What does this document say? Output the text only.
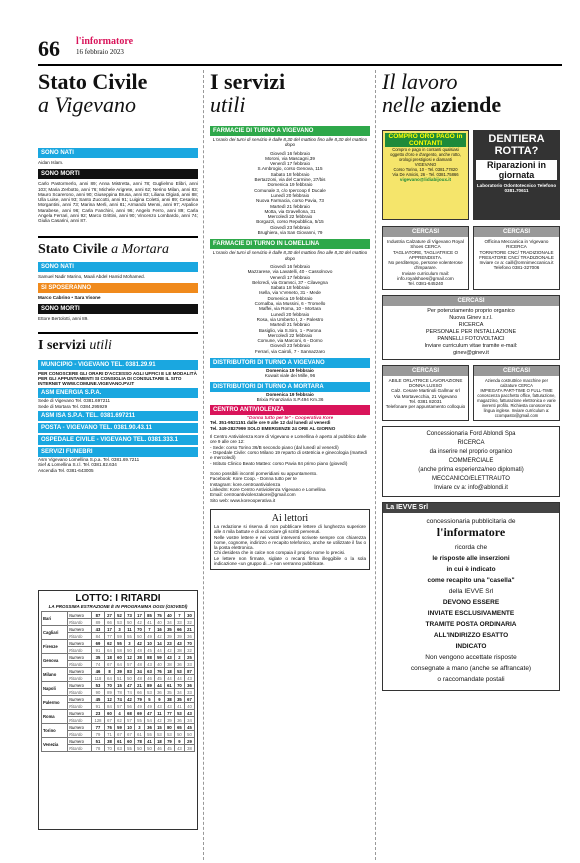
66 l'informatore
16 febbraio 2023
Stato Civile
a Vigevano
SONO NATI
Aidan Islam.
SONO MORTI
Carlo Pastormerlo, anni 89; Anna Mistretta, anni 78; Guglielmo Elibri, anni 103; Maria Zerbotto, anni 76; Michele Arigrete, anni 62; Nerino Milan, anni 83; Mauro Scarerono, anni 90; Giuseppina Brusa, anni 83; Liliana Olgiati, anni 88; Ulla Luise, anni 93; Santo Zuccotti, anni 91; Luigina Coletti, anni 89; Cesarina Morgantini, anni 73; Marina Merli, anni 81; Armando Menni, anni 97; Arpalice Marabese, anni 96; Carla Fanchini, anni 96; Angelo Ferro, anni 89; Carla Angela Ferrari, anni 92; Marco Grittini, anni 90; Vincenzo Lombardo, anni 74; Giulia Casarini, anni 87.
Stato Civile a Mortara
SONO NATI
Samuel Nadir Marino, Maali Abdel Hamid Mohamed.
SI SPOSERANNO
Marco Cabrino • Sara Visone
SONO MORTI
Ettore Bertolotti, anni 89.
I servizi utili
MUNICIPIO - VIGEVANO TEL. 0381.29.91
PER CONOSCERE GLI ORARI D'ACCESSO AGLI UFFICI E LE MODALITÀ PER GLI APPUNTAMENTI SI CONSIGLIA DI CONSULTARE IL SITO INTERNET WWW.COMUNE.VIGEVANO.PV.IT
ASM ENERGIA S.P.A.
Sede di Vigevano Tel. 0381.697211
Sede di Mortara Tel. 0384.295929
ASM ISA S.P.A. TEL. 0381.697211
POSTA - VIGEVANO TEL. 0381.90.43.11
OSPEDALE CIVILE - VIGEVANO TEL. 0381.333.1
SERVIZI FUNEBRI
Asm Vigevano Lomellina S.p.a. Tel. 0381.69.7211
Sief & Lomellina S.r.l. Tel. 0381.82.634
Ascendia Tel. 0381-643005
LOTTO: I RITARDI
LA PROSSIMA ESTRAZIONE È IN PROGRAMMA OGGI (GIOVEDÌ)
Bari	Numero	87	27	52	73	17	85	75	40	7	30
	Ritardo	89	66	53	50	42	41	40	34	33	32
Cagliari	Numero	43	17	3	11	70	7	16	35	66	21
	Ritardo	84	77	59	55	50	49	42	39	39	36
Firenze	Numero	69	62	55	3	42	10	14	23	43	70
	Ritardo	91	64	58	50	48	45	44	42	38	32
Genova	Numero	35	18	60	12	38	88	59	43	2	25
	Ritardo	74	67	64	57	48	43	40	38	36	33
Milano	Numero	46	8	39	83	34	63	76	18	53	87
	Ritardo	118	64	51	50	48	46	45	44	44	43
Napoli	Numero	53	70	15	47	21	89	44	61	70	36
	Ritardo	90	89	78	74	66	53	36	35	34	33
Palermo	Numero	45	12	74	42	79	5	9	38	35	67
	Ritardo	91	84	57	56	49	49	43	43	41	40
Roma	Numero	23	60	4	68	69	47	11	77	53	43
	Ritardo	128	67	62	57	55	54	42	39	36	34
Torino	Numero	77	76	59	10	3	36	15	80	65	45
	Ritardo	79	71	67	67	61	55	53	53	50	50
Venezia	Numero	51	38	61	60	78	41	18	79	9	29
	Ritardo	78	70	63	55	50	50	46	45	43	38
I servizi
utili
FARMACIE DI TURNO A VIGEVANO
L'orario dei turni di servizio è dalle 8,30 del mattino fino alle 8,30 del mattino dopo
Giovedì 16 febbraio
Moroni, via Mascagni,39
Venerdì 17 febbraio
S.Ambrogio, corso Genova, 115
Sabato 18 febbraio
Bertazzoni, via del Carmine, 27/bis
Domenica 19 febbraio
Comunale 3, c/o Ipercoop Il Ducale
Lunedì 20 febbraio
Nuova Farmacia, corso Pavia, 73
Martedì 21 febbraio
Motta, via Gravellona, 31
Mercoledì 22 febbraio
Borgazzi, corso Repubblica, 5/15
Giovedì 23 febbraio
Brughiera, via San Giovanni, 79
FARMACIE DI TURNO IN LOMELLINA
L'orario dei turni di servizio è dalle 8,30 del mattino fino alle 8,30 del mattino dopo
Giovedì 16 febbraio
Mazzarese, via Lavatelli, 40 - Cassolnovo
Venerdì 17 febbraio
Belcredi, via Gramsci, 37 - Cilavegna
Sabato 18 febbraio
Isella, via V.Veneto, 31 - Mede
Domenica 19 febbraio
Cornalba, via Mussini, 6 - Tromello
Maffei, via Roma, 10 - Mortara
Lunedì 20 febbraio
Rosa, via Umberto I, 2 - Palestro
Martedì 21 febbraio
Basiglio, via S.Siro, 1 - Parona
Mercoledì 22 febbraio
Comune, via Marconi, 6 - Dorno
Giovedì 23 febbraio
Ferrari, via Cairoli, 7 - Sannazzaro
DISTRIBUTORI DI TURNO A VIGEVANO
Domenica 19 febbraio
Kuwait viale dei Mille, 96
DISTRIBUTORI DI TURNO A MORTARA
Domenica 19 febbraio
Brixia Finanziaria S.P.494 Km.36
CENTRO ANTIVIOLENZA
"Donna tutto per te" - Cooperativa Kore
Tel. 351-9521151 dalle ore 9 alle 12 dal lunedì al venerdì
Tel. 349-2827999 SOLO EMERGENZE 24 ORE AL GIORNO
Il Centro Antiviolenza Kore di Vigevano e Lomellina è aperto al pubblico dalle ore 9 alle ore 12:
- Sede: corso Torino 36/B secondo piano (dal lunedì al venerdì)
- Ospedale Civile: corso Milano 19 reparto di ostetricia e ginecologia (martedì e mercoledì)
- Istituto Clinico Beato Matteo: corso Pavia 84 primo piano (giovedì)

Sono possibili incontri pomeridiani su appuntamento.
Facebook: Kore Coop. - Donna tutto per te
Instagram: kore.centroantiviolenza
LinkedIn: Kore Centro Antiviolenza Vigevano e Lomellina
Email: centroantiviolenzakore@gmail.com
Sito web: www.koreooperativa.it
Ai lettori
La redazione si riserva di non pubblicare lettere di lunghezza superiore alle 4 mila battute e di accorciare gli scritti pervenuti.
Nelle vostre lettere e nei vostri interventi scrivete sempre con chiarezza nome, cognome, indirizzo e recapito telefonico, anche se utilizzate il fax o la posta elettronica.
Chi desidera che in calce non compaia il proprio nome lo precisi.
Le lettere non firmate, siglate o recanti firma illeggibile o la sola indicazione «un gruppo di...» non verranno pubblicate.
Il lavoro
nelle aziende
COMPRO ORO PAGO in CONTANTI
Compro e pago in contanti qualsiasi oggetto d'oro e d'argento, anche rotto, orologi prestigiosi e diamanti
VIGEVANO
Corso Torino, 10 - Tel. 0381.77820
Via De Amicis, 26 - Tel. 0381.75866
vigevano@lidiabijoux.it
DENTIERA ROTTA?
Riparazioni in giornata
Laboratorio Odontotecnico Telefono 0381.70611
CERCASI
Industria Calzature di Vigevano Royal Shoes CERCA
TAGLIATORE, TAGLIATRICE O APPRENDISTA.
No perditempo, persone volenterose d'imparare.
Inviare curriculum mail:
info.royalshoes@gmail.com
Tel. 0381-645240
CERCASI
Officina Meccanica in Vigevano
RICERCA
TORNITORE CNC/ TRADIZIONALE
FRESATORE CNC/ TRADIZIONALE
Inviare cv a: caill@omnimeccanica.it
Telefono 0381-327006
CERCASI
Per potenziamento proprio organico
Nuova Ginev s.r.l.
RICERCA
PERSONALE PER INSTALLAZIONE
PANNELLI FOTOVOLTAICI
Inviare curriculum vitae tramite e-mail:
ginev@ginev.it
CERCASI
ABILE ORLATRICE LAVORAZIONE DONNA LUSSO
Calz. Cesare Martinoli Gallmar srl
Via Mortavecchia, 21 Vigevano
Tel. 0381 82031
Telefonare per appuntamento colloquio
CERCASI
Azienda costruttrice macchine per calzature CERCA
IMPIEGATA PART-TIME O FULL-TIME
conoscenza pacchetto office, fatturazione, magazzino, fatturazione elettronica e varie inerenti profilo. Richiesta conoscenza lingua inglese. Inviare curriculum a: ccompasto@gmail.com
Concessionaria Ford Ablondi Spa
RICERCA
da inserire nel proprio organico
COMMERCIALE
(anche prima esperienza/neo diplomati)
MECCANICO/ELETTRAUTO
Inviare cv a: info@ablondi.it
La IEVVE Srl
concessionaria pubblicitaria de
l'informatore
ricorda che
le risposte alle inserzioni
in cui è indicato
come recapito una "casella"
della IEVVE Srl
DEVONO ESSERE
INVIATE ESCLUSIVAMENTE
TRAMITE POSTA ORDINARIA
ALL'INDIRIZZO ESATTO
INDICATO
Non vengono accettate risposte
consegnate a mano (anche se affrancate)
o raccomandate postali
